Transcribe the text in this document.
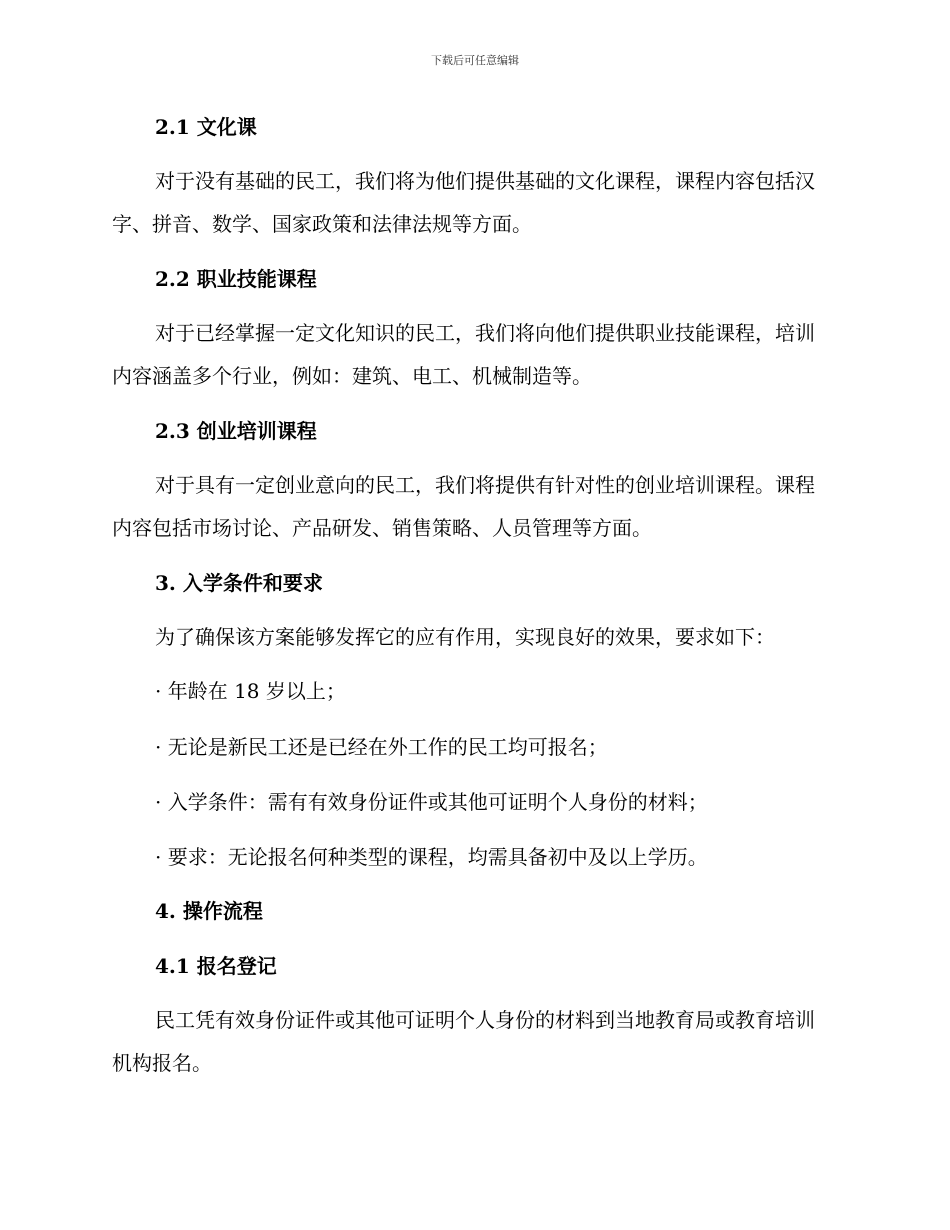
下载后可任意编辑
2.1 文化课

对于没有基础的民工，我们将为他们提供基础的文化课程，课程内容包括汉字、拼音、数学、国家政策和法律法规等方面。

2.2 职业技能课程

对于已经掌握一定文化知识的民工，我们将向他们提供职业技能课程，培训内容涵盖多个行业，例如：建筑、电工、机械制造等。

2.3 创业培训课程

对于具有一定创业意向的民工，我们将提供有针对性的创业培训课程。课程内容包括市场讨论、产品研发、销售策略、人员管理等方面。

3. 入学条件和要求
为了确保该方案能够发挥它的应有作用，实现良好的效果，要求如下：
· 年龄在 18 岁以上；
· 无论是新民工还是已经在外工作的民工均可报名；
· 入学条件：需有有效身份证件或其他可证明个人身份的材料；
· 要求：无论报名何种类型的课程，均需具备初中及以上学历。
4. 操作流程
4.1 报名登记

民工凭有效身份证件或其他可证明个人身份的材料到当地教育局或教育培训机构报名。
